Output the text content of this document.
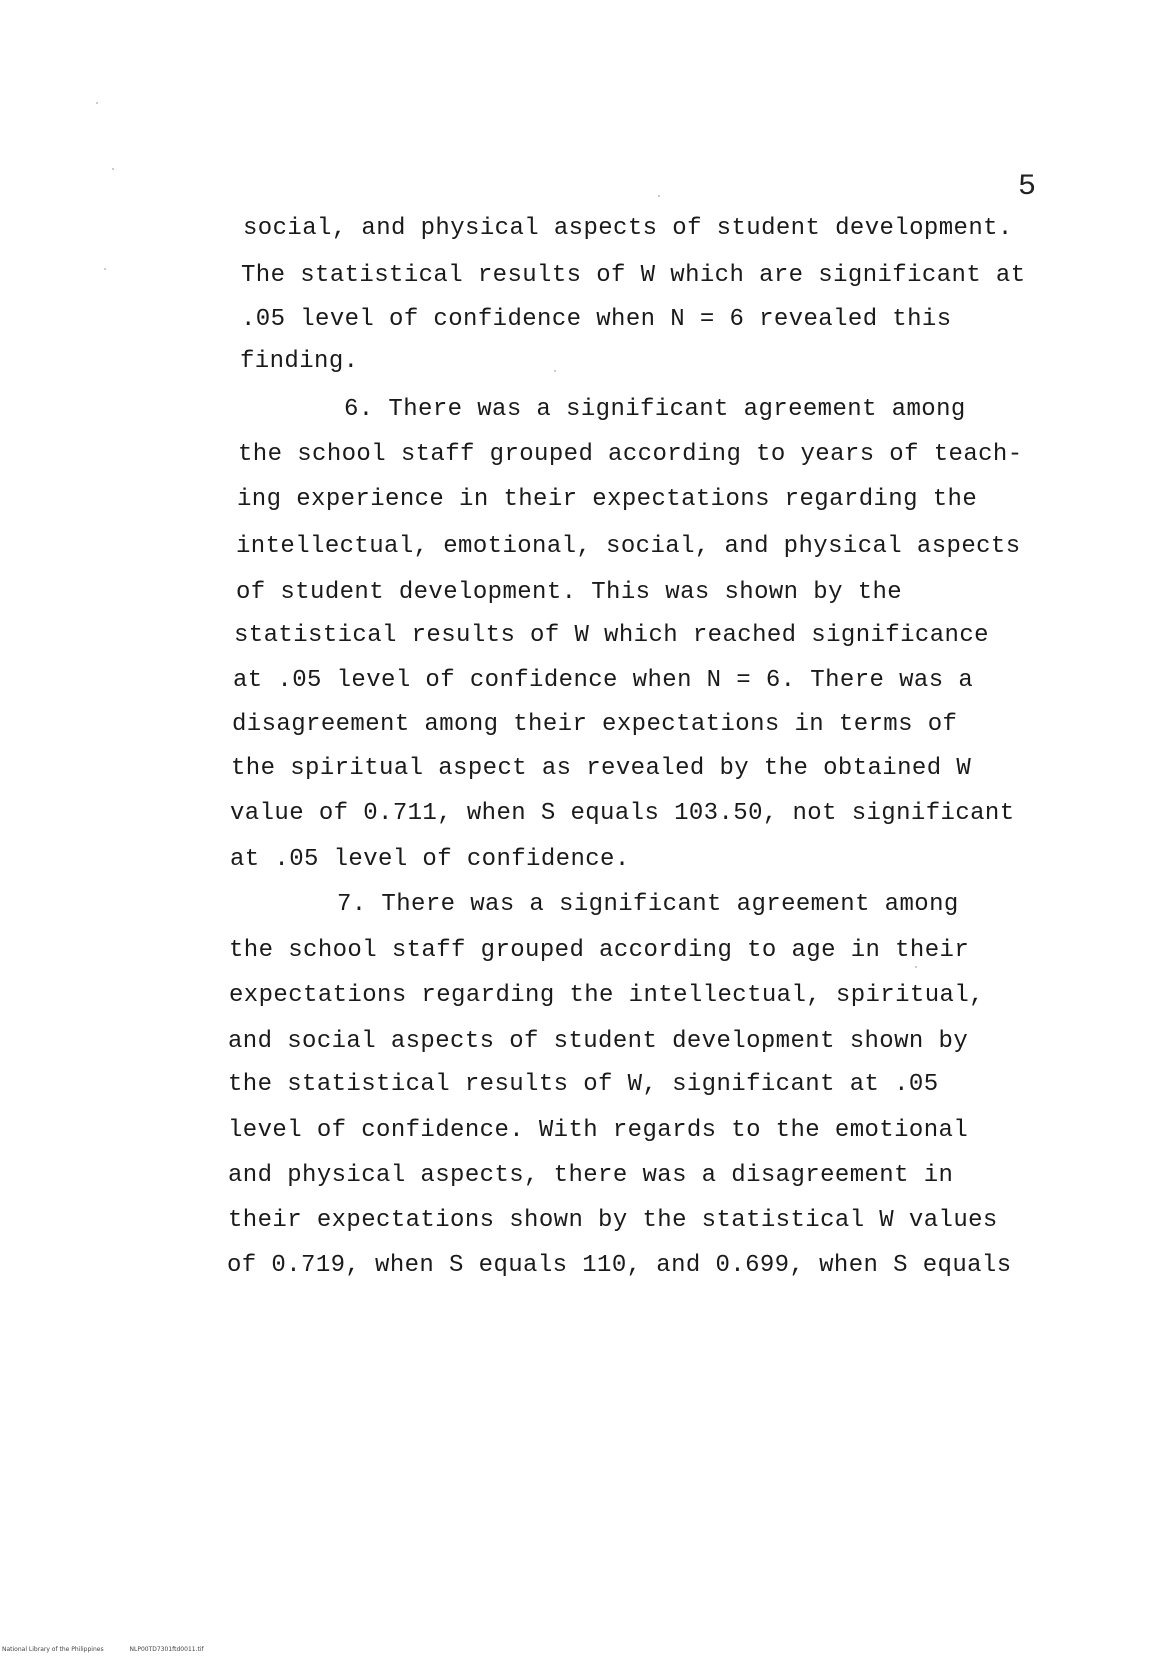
5
social, and physical aspects of student development.
The statistical results of W which are significant at
.05 level of confidence when N = 6 revealed this
finding.
6. There was a significant agreement among
the school staff grouped according to years of teach-
ing experience in their expectations regarding the
intellectual, emotional, social, and physical aspects
of student development. This was shown by the
statistical results of W which reached significance
at .05 level of confidence when N = 6. There was a
disagreement among their expectations in terms of
the spiritual aspect as revealed by the obtained W
value of 0.711, when S equals 103.50, not significant
at .05 level of confidence.
7. There was a significant agreement among
the school staff grouped according to age in their
expectations regarding the intellectual, spiritual,
and social aspects of student development shown by
the statistical results of W, significant at .05
level of confidence. With regards to the emotional
and physical aspects, there was a disagreement in
their expectations shown by the statistical W values
of 0.719, when S equals 110, and 0.699, when S equals
National Library of the Philippines	NLP00TD7301ftd0011.tif
